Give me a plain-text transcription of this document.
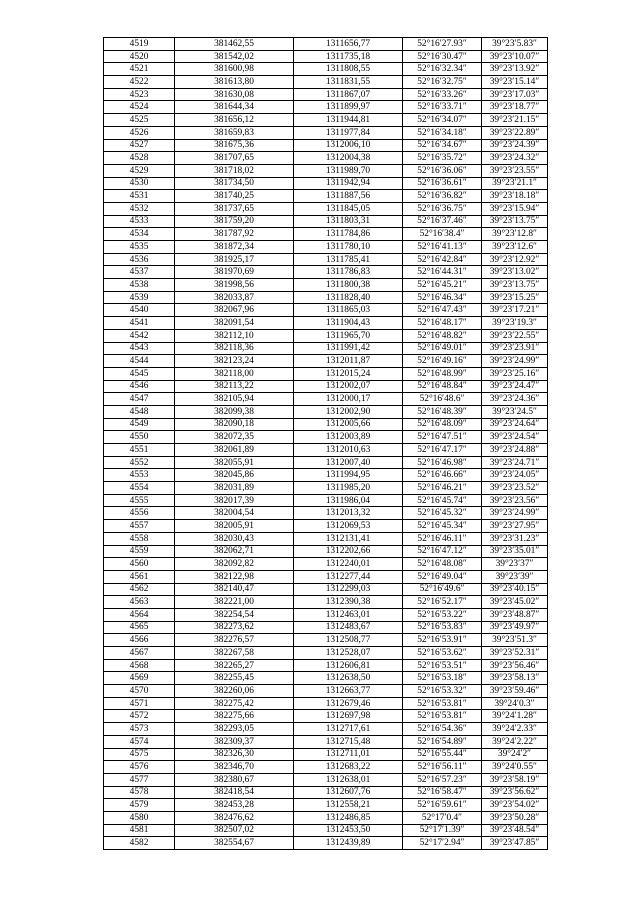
4519	381462,55	1311656,77	52°16′27.93″	39°23′5.83″
4520	381542,02	1311735,18	52°16′30.47″	39°23′10.07″
4521	381600,98	1311808,55	52°16′32.34″	39°23′13.92″
4522	381613,80	1311831,55	52°16′32.75″	39°23′15.14″
4523	381630,08	1311867,07	52°16′33.26″	39°23′17.03″
4524	381644,34	1311899,97	52°16′33.71″	39°23′18.77″
4525	381656,12	1311944,81	52°16′34.07″	39°23′21.15″
4526	381659,83	1311977,84	52°16′34.18″	39°23′22.89″
4527	381675,36	1312006,10	52°16′34.67″	39°23′24.39″
4528	381707,65	1312004,38	52°16′35.72″	39°23′24.32″
4529	381718,02	1311989,70	52°16′36.06″	39°23′23.55″
4530	381734,50	1311942,94	52°16′36.61″	39°23′21.1″
4531	381740,25	1311887,56	52°16′36.82″	39°23′18.18″
4532	381737,65	1311845,05	52°16′36.75″	39°23′15.94″
4533	381759,20	1311803,31	52°16′37.46″	39°23′13.75″
4534	381787,92	1311784,86	52°16′38.4″	39°23′12.8″
4535	381872,34	1311780,10	52°16′41.13″	39°23′12.6″
4536	381925,17	1311785,41	52°16′42.84″	39°23′12.92″
4537	381970,69	1311786,83	52°16′44.31″	39°23′13.02″
4538	381998,56	1311800,38	52°16′45.21″	39°23′13.75″
4539	382033,87	1311828,40	52°16′46.34″	39°23′15.25″
4540	382067,96	1311865,03	52°16′47.43″	39°23′17.21″
4541	382091,54	1311904,43	52°16′48.17″	39°23′19.3″
4542	382112,10	1311965,70	52°16′48.82″	39°23′22.55″
4543	382118,36	1311991,42	52°16′49.01″	39°23′23.91″
4544	382123,24	1312011,87	52°16′49.16″	39°23′24.99″
4545	382118,00	1312015,24	52°16′48.99″	39°23′25.16″
4546	382113,22	1312002,07	52°16′48.84″	39°23′24.47″
4547	382105,94	1312000,17	52°16′48.6″	39°23′24.36″
4548	382099,38	1312002,90	52°16′48.39″	39°23′24.5″
4549	382090,18	1312005,66	52°16′48.09″	39°23′24.64″
4550	382072,35	1312003,89	52°16′47.51″	39°23′24.54″
4551	382061,89	1312010,63	52°16′47.17″	39°23′24.88″
4552	382055,91	1312007,40	52°16′46.98″	39°23′24.71″
4553	382045,86	1311994,95	52°16′46.66″	39°23′24.05″
4554	382031,89	1311985,20	52°16′46.21″	39°23′23.52″
4555	382017,39	1311986,04	52°16′45.74″	39°23′23.56″
4556	382004,54	1312013,32	52°16′45.32″	39°23′24.99″
4557	382005,91	1312069,53	52°16′45.34″	39°23′27.95″
4558	382030,43	1312131,41	52°16′46.11″	39°23′31.23″
4559	382062,71	1312202,66	52°16′47.12″	39°23′35.01″
4560	382092,82	1312240,01	52°16′48.08″	39°23′37″
4561	382122,98	1312277,44	52°16′49.04″	39°23′39″
4562	382140,47	1312299,03	52°16′49.6″	39°23′40.15″
4563	382221,00	1312390,38	52°16′52.17″	39°23′45.02″
4564	382254,54	1312463,01	52°16′53.22″	39°23′48.87″
4565	382273,62	1312483,67	52°16′53.83″	39°23′49.97″
4566	382276,57	1312508,77	52°16′53.91″	39°23′51.3″
4567	382267,58	1312528,07	52°16′53.62″	39°23′52.31″
4568	382265,27	1312606,81	52°16′53.51″	39°23′56.46″
4569	382255,45	1312638,50	52°16′53.18″	39°23′58.13″
4570	382260,06	1312663,77	52°16′53.32″	39°23′59.46″
4571	382275,42	1312679,46	52°16′53.81″	39°24′0.3″
4572	382275,66	1312697,98	52°16′53.81″	39°24′1.28″
4573	382293,05	1312717,61	52°16′54.36″	39°24′2.33″
4574	382309,37	1312715,48	52°16′54.89″	39°24′2.22″
4575	382326,30	1312711,01	52°16′55.44″	39°24′2″
4576	382346,70	1312683,22	52°16′56.11″	39°24′0.55″
4577	382380,67	1312638,01	52°16′57.23″	39°23′58.19″
4578	382418,54	1312607,76	52°16′58.47″	39°23′56.62″
4579	382453,28	1312558,21	52°16′59.61″	39°23′54.02″
4580	382476,62	1312486,85	52°17′0.4″	39°23′50.28″
4581	382507,02	1312453,50	52°17′1.39″	39°23′48.54″
4582	382554,67	1312439,89	52°17′2.94″	39°23′47.85″
